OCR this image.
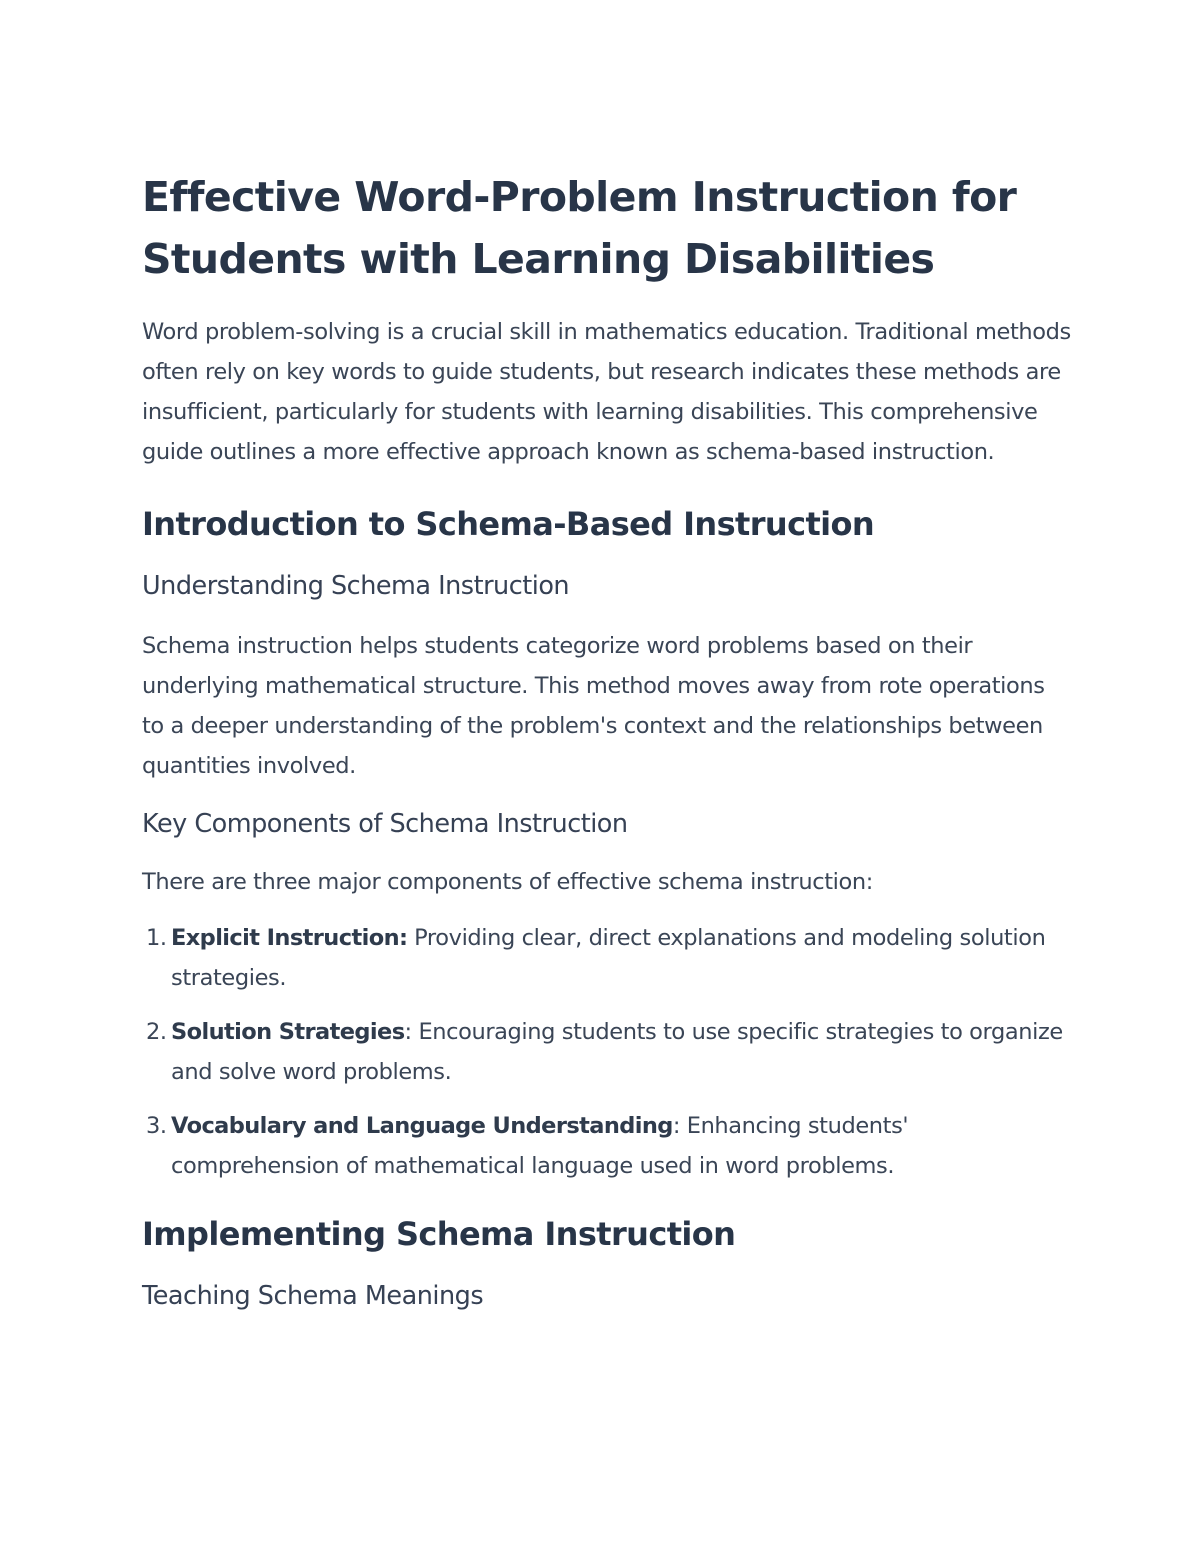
Effective Word-Problem Instruction for Students with Learning Disabilities

Word problem-solving is a crucial skill in mathematics education. Traditional methods often rely on key words to guide students, but research indicates these methods are insufficient, particularly for students with learning disabilities. This comprehensive guide outlines a more effective approach known as schema-based instruction.

Introduction to Schema-Based Instruction
Understanding Schema Instruction

Schema instruction helps students categorize word problems based on their underlying mathematical structure. This method moves away from rote operations to a deeper understanding of the problem's context and the relationships between quantities involved.

Key Components of Schema Instruction

There are three major components of effective schema instruction:

1. Explicit Instruction: Providing clear, direct explanations and modeling solution strategies.
2. Solution Strategies: Encouraging students to use specific strategies to organize and solve word problems.
3. Vocabulary and Language Understanding: Enhancing students' comprehension of mathematical language used in word problems.
Implementing Schema Instruction
Teaching Schema Meanings
